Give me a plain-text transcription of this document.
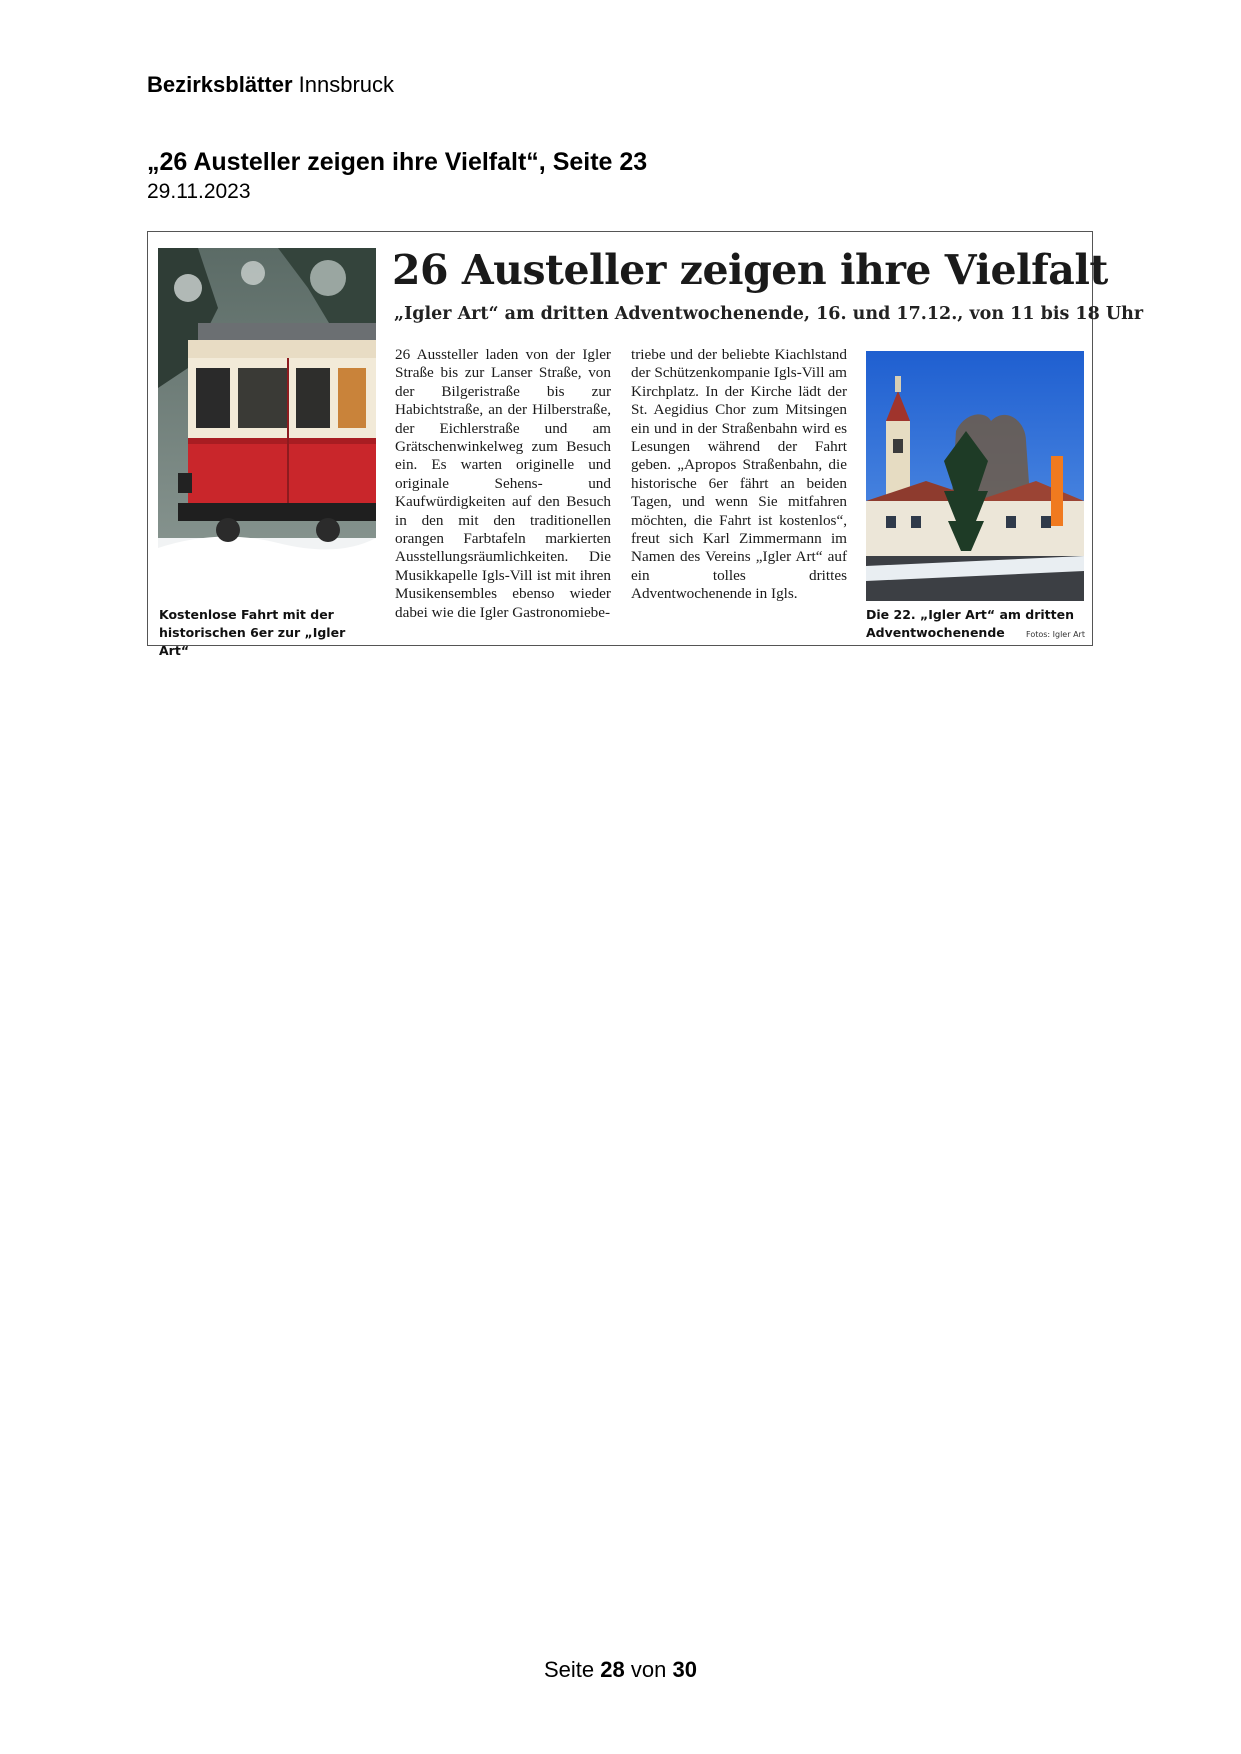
Bezirksblätter Innsbruck
„26 Austeller zeigen ihre Vielfalt“, Seite 23
29.11.2023
Kostenlose Fahrt mit der historischen 6er zur „Igler Art“
26 Austeller zeigen ihre Vielfalt
„Igler Art“ am dritten Adventwochenende, 16. und 17.12., von 11 bis 18 Uhr
26 Aussteller laden von der Igler Straße bis zur Lanser Straße, von der Bilgeristraße bis zur Habichtstraße, an der Hilberstraße, der Eichlerstraße und am Grätschenwinkelweg zum Besuch ein. Es warten originelle und originale Sehens- und Kaufwürdigkeiten auf den Besuch in den mit den traditionellen orangen Farbtafeln markierten Ausstellungsräumlichkeiten. Die Musikkapelle Igls-Vill ist mit ihren Musikensembles ebenso wieder dabei wie die Igler Gastronomiebe-
triebe und der beliebte Kiachlstand der Schützenkompanie Igls-Vill am Kirchplatz. In der Kirche lädt der St. Aegidius Chor zum Mitsingen ein und in der Straßenbahn wird es Lesungen während der Fahrt geben. „Apropos Straßenbahn, die historische 6er fährt an beiden Tagen, und wenn Sie mitfahren möchten, die Fahrt ist kostenlos“, freut sich Karl Zimmermann im Namen des Vereins „Igler Art“ auf ein tolles drittes Adventwochenende in Igls.
Die 22. „Igler Art“ am dritten Adventwochenende	Fotos: Igler Art
Seite 28 von 30
